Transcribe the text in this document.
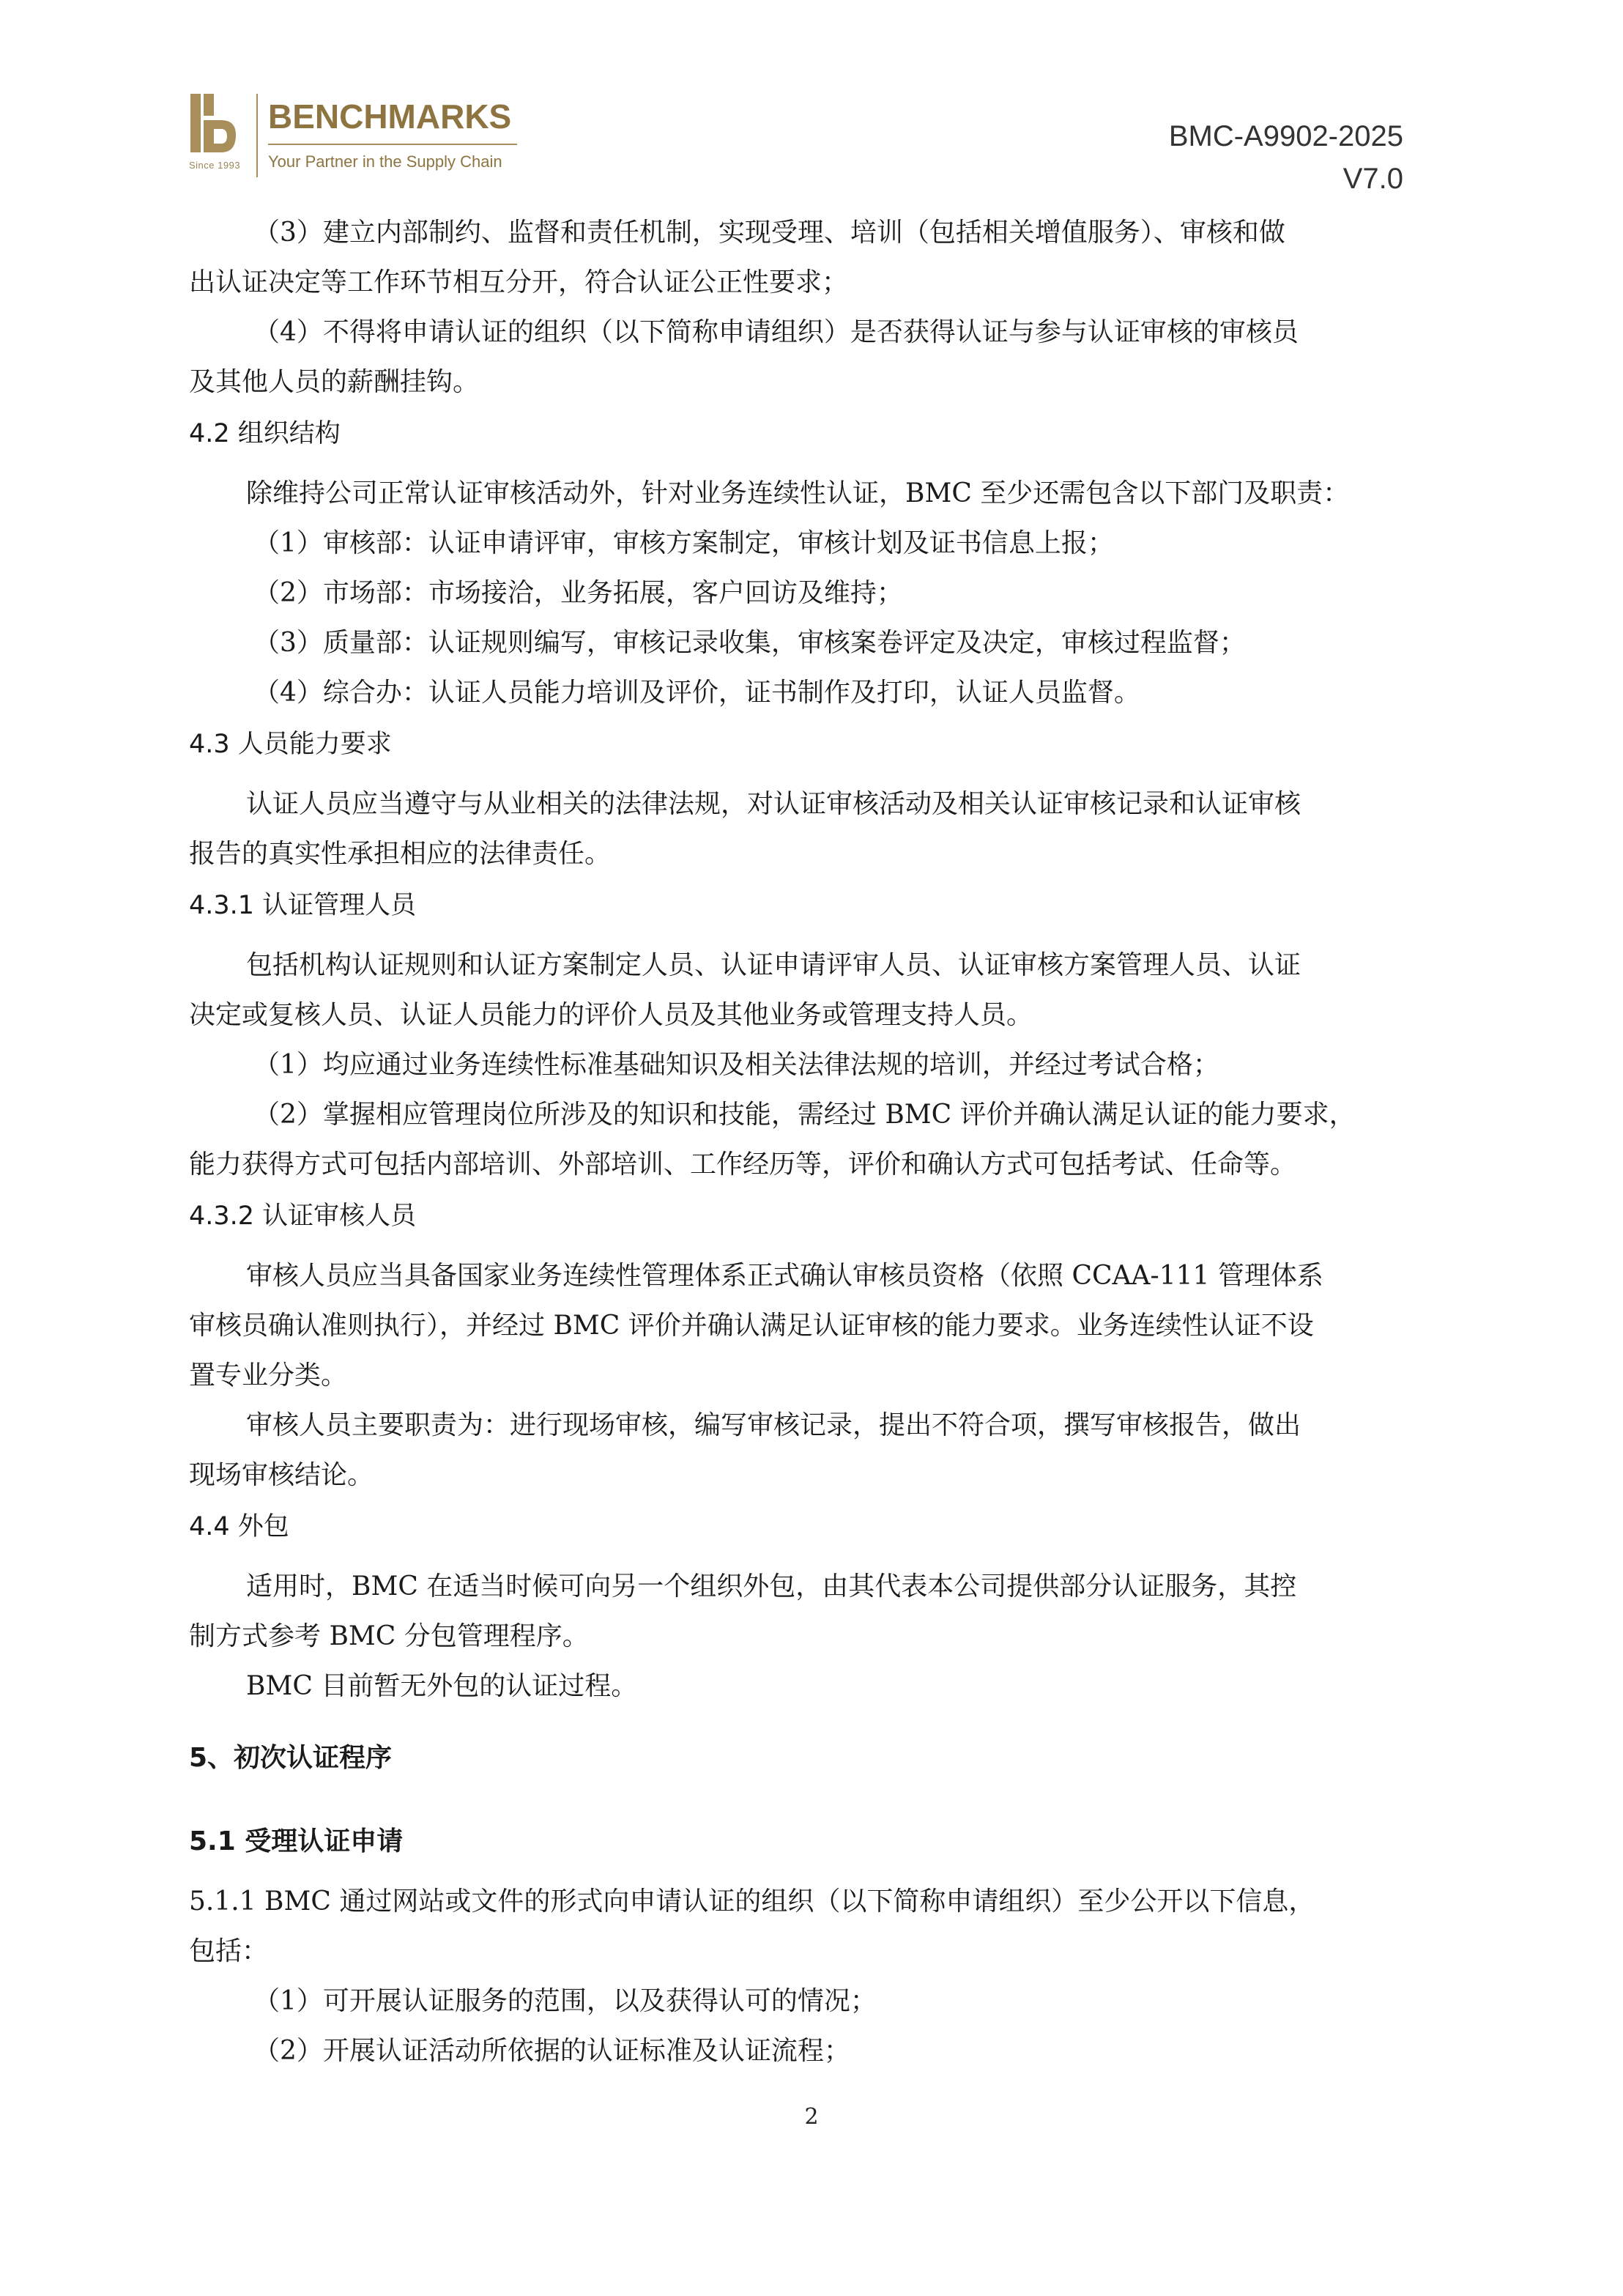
Since 1993
BENCHMARKS
Your Partner in the Supply Chain
BMC-A9902-2025
V7.0
（3）建立内部制约、监督和责任机制，实现受理、培训（包括相关增值服务）、审核和做
出认证决定等工作环节相互分开，符合认证公正性要求；
（4）不得将申请认证的组织（以下简称申请组织）是否获得认证与参与认证审核的审核员
及其他人员的薪酬挂钩。
4.2 组织结构
除维持公司正常认证审核活动外，针对业务连续性认证，BMC 至少还需包含以下部门及职责：
（1）审核部：认证申请评审，审核方案制定，审核计划及证书信息上报；
（2）市场部：市场接洽，业务拓展，客户回访及维持；
（3）质量部：认证规则编写，审核记录收集，审核案卷评定及决定，审核过程监督；
（4）综合办：认证人员能力培训及评价，证书制作及打印，认证人员监督。
4.3 人员能力要求
认证人员应当遵守与从业相关的法律法规，对认证审核活动及相关认证审核记录和认证审核
报告的真实性承担相应的法律责任。
4.3.1 认证管理人员
包括机构认证规则和认证方案制定人员、认证申请评审人员、认证审核方案管理人员、认证
决定或复核人员、认证人员能力的评价人员及其他业务或管理支持人员。
（1）均应通过业务连续性标准基础知识及相关法律法规的培训，并经过考试合格；
（2）掌握相应管理岗位所涉及的知识和技能，需经过 BMC 评价并确认满足认证的能力要求，
能力获得方式可包括内部培训、外部培训、工作经历等，评价和确认方式可包括考试、任命等。
4.3.2 认证审核人员
审核人员应当具备国家业务连续性管理体系正式确认审核员资格（依照 CCAA-111 管理体系
审核员确认准则执行），并经过 BMC 评价并确认满足认证审核的能力要求。业务连续性认证不设
置专业分类。
审核人员主要职责为：进行现场审核，编写审核记录，提出不符合项，撰写审核报告，做出
现场审核结论。
4.4 外包
适用时，BMC 在适当时候可向另一个组织外包，由其代表本公司提供部分认证服务，其控
制方式参考 BMC 分包管理程序。
BMC 目前暂无外包的认证过程。
5、初次认证程序
5.1 受理认证申请
5.1.1 BMC 通过网站或文件的形式向申请认证的组织（以下简称申请组织）至少公开以下信息，
包括：
（1）可开展认证服务的范围，以及获得认可的情况；
（2）开展认证活动所依据的认证标准及认证流程；
2
